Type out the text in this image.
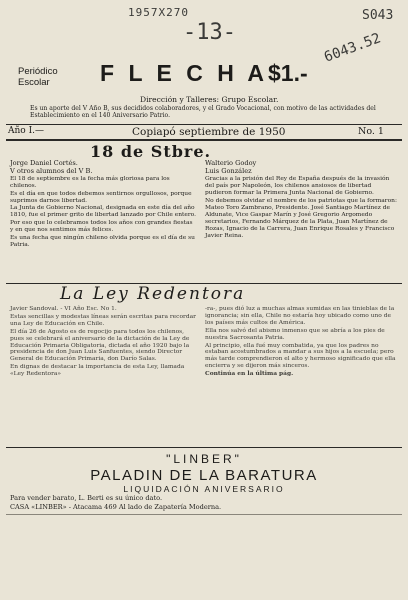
1957X270
-13-
S043
6043.52
Periódico
Escolar	F L E C H A $1.-
Dirección y Talleres: Grupo Escolar.
Es un aporte del V Año B, sus decididos colaboradores, y el Grado Vocacional, con motivo de las actividades del Establecimiento en el 140 Aniversario Patrio.
Año I.—	Copiapó septiembre de 1950	No. 1
18 de Stbre.

Jorge Daniel Cortés.

V otros alumnos del V B.

El 18 de septiembre es la fecha más gloriosa para los chilenos.

Es el día en que todos debemos sentirnos orgullosos, porque suprimos darnos libertad.

La Junta de Gobierno Nacional, designada en este día del año 1810, fue el primer grito de libertad lanzado por Chile entero.

Por eso que lo celebramos todos los años con grandes fiestas y en que nos sentimos más felices.

Es una fecha que ningún chileno olvida porque es el día de su Patria.

Walterio Godoy

Luis González

Gracias a la prisión del Rey de España después de la invasión del país por Napoleón, los chilenos ansiosos de libertad pudieron formar la Primera Junta Nacional de Gobierno.

No debemos olvidar el nombre de los patriotas que la formaron:

Mateo Toro Zambrano, Presidente. José Santiago Martínez de Aldunate, Vice Gaspar Marín y José Gregorio Argomedo secretarios, Fernando Márquez de la Plata, Juan Martínez de Rozas, Ignacio de la Carrera, Juan Enrique Rosales y Francisco Javier Reina.

La Ley Redentora

Javier Sandoval. - VI Año Esc. No 1.

Estas sencillas y modestas líneas serán escritas para recordar una Ley de Educación en Chile.

El día 26 de Agosto es de regocijo para todos los chilenos, pues se celebrará el aniversario de la dictación de la Ley de Educación Primaria Obligatoria, dictada el año 1920 bajo la presidencia de don Juan Luis Sanfuentes, siendo Director General de Educación Primaria, don Darío Salas.

En dignas de destacar la importancia de esta Ley, llamada «Ley Redentora»

-ra-, pues dió luz a muchas almas sumidas en las tinieblas de la ignorancia; sin ella, Chile no estaría hoy ubicado como uno de los países más cultos de América.

Ella nos salvó del abismo inmenso que se abría a los pies de nuestra Sacrosanta Patria.

Al principio, ella fué muy combatida, ya que los padres no estaban acostumbrados a mandar a sus hijos a la escuela; pero más tarde comprendieron el alto y hermoso significado que ella encierra y se dijeron más sinceros.

Continúa en la última pág.

"LINBER"
PALADIN DE LA BARATURA
LIQUIDACIÓN ANIVERSARIO
Para vender barato, L. Berti es su único dato.
CASA «LINBER» - Atacama 469 Al lado de Zapatería Moderna.
